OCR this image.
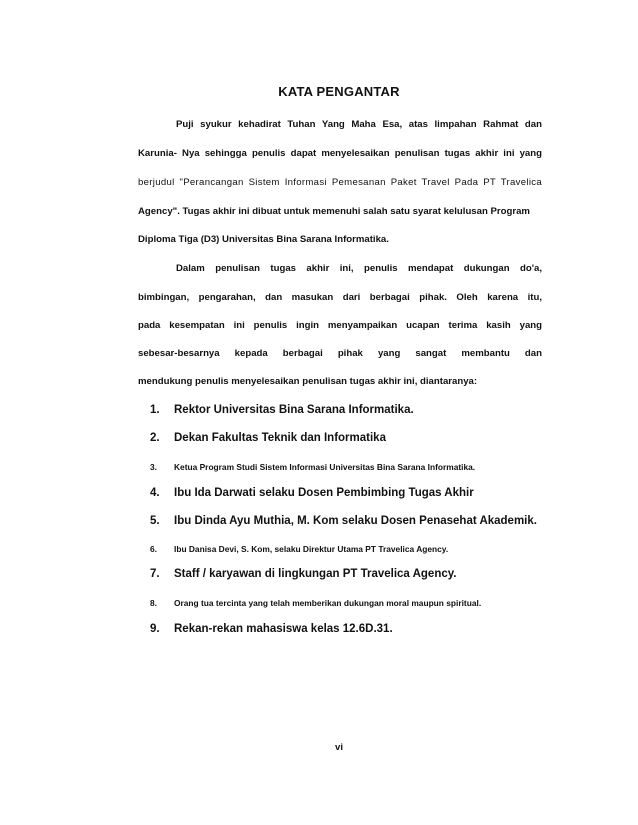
KATA PENGANTAR
Puji syukur kehadirat Tuhan Yang Maha Esa, atas limpahan Rahmat dan
Karunia- Nya sehingga penulis dapat menyelesaikan penulisan tugas akhir ini yang
berjudul "Perancangan Sistem Informasi Pemesanan Paket Travel Pada PT Travelica
Agency". Tugas akhir ini dibuat untuk memenuhi salah satu syarat kelulusan Program
Diploma Tiga (D3) Universitas Bina Sarana Informatika.
Dalam penulisan tugas akhir ini, penulis mendapat dukungan do'a,
bimbingan, pengarahan, dan masukan dari berbagai pihak. Oleh karena itu,
pada kesempatan ini penulis ingin menyampaikan ucapan terima kasih yang
sebesar-besarnya kepada berbagai pihak yang sangat membantu dan
mendukung penulis menyelesaikan penulisan tugas akhir ini, diantaranya:
1. Rektor Universitas Bina Sarana Informatika.
2. Dekan Fakultas Teknik dan Informatika
3. Ketua Program Studi Sistem Informasi Universitas Bina Sarana Informatika.
4. Ibu Ida Darwati selaku Dosen Pembimbing Tugas Akhir
5. Ibu Dinda Ayu Muthia, M. Kom selaku Dosen Penasehat Akademik.
6. Ibu Danisa Devi, S. Kom, selaku Direktur Utama PT Travelica Agency.
7. Staff / karyawan di lingkungan PT Travelica Agency.
8. Orang tua tercinta yang telah memberikan dukungan moral maupun spiritual.
9. Rekan-rekan mahasiswa kelas 12.6D.31.
vi
